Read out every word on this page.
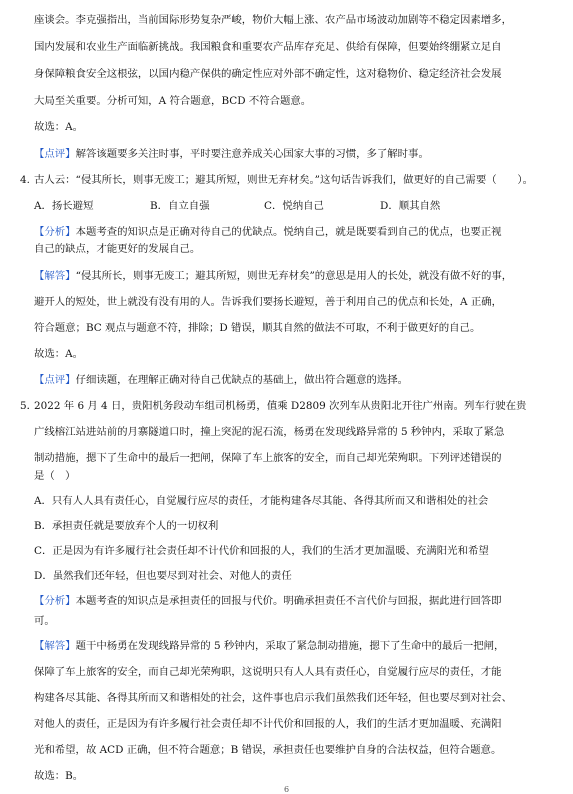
座谈会。李克强指出，当前国际形势复杂严峻，物价大幅上涨、农产品市场波动加剧等不稳定因素增多，
国内发展和农业生产面临新挑战。我国粮食和重要农产品库存充足、供给有保障，但要始终绷紧立足自
身保障粮食安全这根弦，以国内稳产保供的确定性应对外部不确定性，这对稳物价、稳定经济社会发展
大局至关重要。分析可知，A 符合题意，BCD 不符合题意。
故选：A。
【点评】解答该题要多关注时事，平时要注意养成关心国家大事的习惯，多了解时事。
4. 古人云：“侵其所长，则事无废工；避其所短，则世无弃材矣。”这句话告诉我们，做更好的自己需要（　　）。
A．扬长避短	B．自立自强	C．悦纳自己	D．顺其自然
【分析】本题考查的知识点是正确对待自己的优缺点。悦纳自己，就是既要看到自己的优点，也要正视
自己的缺点，才能更好的发展自己。
【解答】“侵其所长，则事无废工；避其所短，则世无弃材矣”的意思是用人的长处，就没有做不好的事，
避开人的短处，世上就没有没有用的人。告诉我们要扬长避短，善于利用自己的优点和长处，A 正确，
符合题意；BC 观点与题意不符，排除；D 错误，顺其自然的做法不可取，不利于做更好的自己。
故选：A。
【点评】仔细读题，在理解正确对待自己优缺点的基础上，做出符合题意的选择。
5．
2022 年 6 月 4 日，贵阳机务段动车组司机杨勇，值乘 D2809 次列车从贵阳北开往广州南。列车行驶在贵
广线榕江站进站前的月寨隧道口时，撞上突泥的泥石流，杨勇在发现线路异常的 5 秒钟内，采取了紧急
制动措施，摁下了生命中的最后一把闸，保障了车上旅客的安全，而自己却光荣殉职。下列评述错误的
是（　）
A．只有人人具有责任心，自觉履行应尽的责任，才能构建各尽其能、各得其所而又和谐相处的社会
B．承担责任就是要放弃个人的一切权利
C．正是因为有许多履行社会责任却不计代价和回报的人，我们的生活才更加温暖、充满阳光和希望
D．虽然我们还年轻，但也要尽到对社会、对他人的责任
【分析】本题考查的知识点是承担责任的回报与代价。明确承担责任不言代价与回报，据此进行回答即
可。
【解答】题干中杨勇在发现线路异常的 5 秒钟内，采取了紧急制动措施，摁下了生命中的最后一把闸，
保障了车上旅客的安全，而自己却光荣殉职，这说明只有人人具有责任心，自觉履行应尽的责任，才能
构建各尽其能、各得其所而又和谐相处的社会，这件事也启示我们虽然我们还年轻，但也要尽到对社会、
对他人的责任，正是因为有许多履行社会责任却不计代价和回报的人，我们的生活才更加温暖、充满阳
光和希望，故 ACD 正确，但不符合题意；B 错误，承担责任也要维护自身的合法权益，但符合题意。
故选：B。
6
